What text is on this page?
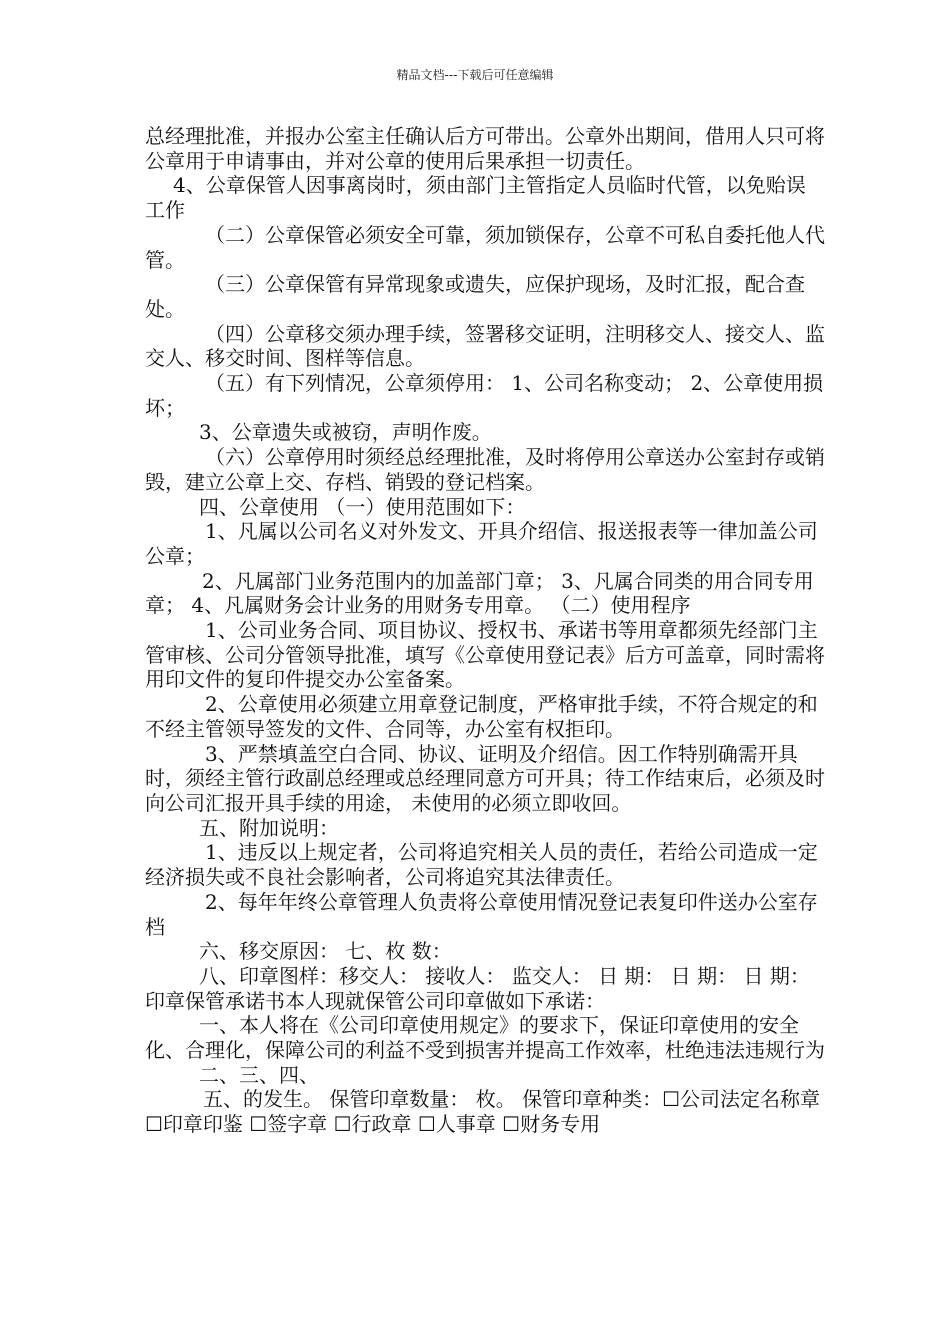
精品文档---下载后可任意编辑

总经理批准，并报办公室主任确认后方可带出。公章外出期间，借用人只可将公章用于申请事由，并对公章的使用后果承担一切责任。

4、公章保管人因事离岗时，须由部门主管指定人员临时代管，以免贻误工作

（二）公章保管必须安全可靠，须加锁保存，公章不可私自委托他人代管。

（三）公章保管有异常现象或遗失，应保护现场，及时汇报，配合查处。

（四）公章移交须办理手续，签署移交证明，注明移交人、接交人、监交人、移交时间、图样等信息。

（五）有下列情况，公章须停用： 1、公司名称变动； 2、公章使用损坏；

3、公章遗失或被窃，声明作废。

（六）公章停用时须经总经理批准，及时将停用公章送办公室封存或销毁，建立公章上交、存档、销毁的登记档案。

四、公章使用 （一）使用范围如下：

1、凡属以公司名义对外发文、开具介绍信、报送报表等一律加盖公司公章；

2、凡属部门业务范围内的加盖部门章； 3、凡属合同类的用合同专用章； 4、凡属财务会计业务的用财务专用章。 （二）使用程序

1、公司业务合同、项目协议、授权书、承诺书等用章都须先经部门主管审核、公司分管领导批准，填写《公章使用登记表》后方可盖章，同时需将用印文件的复印件提交办公室备案。

2、公章使用必须建立用章登记制度，严格审批手续，不符合规定的和不经主管领导签发的文件、合同等，办公室有权拒印。

3、严禁填盖空白合同、协议、证明及介绍信。因工作特别确需开具时，须经主管行政副总经理或总经理同意方可开具；待工作结束后，必须及时向公司汇报开具手续的用途， 未使用的必须立即收回。

五、附加说明：

1、违反以上规定者，公司将追究相关人员的责任，若给公司造成一定经济损失或不良社会影响者，公司将追究其法律责任。

2、每年年终公章管理人负责将公章使用情况登记表复印件送办公室存档

六、移交原因： 七、枚 数：

八、印章图样：移交人： 接收人： 监交人： 日 期： 日 期： 日 期：印章保管承诺书本人现就保管公司印章做如下承诺：

一、本人将在《公司印章使用规定》的要求下，保证印章使用的安全化、合理化，保障公司的利益不受到损害并提高工作效率，杜绝违法违规行为

二、三、四、

五、的发生。 保管印章数量： 枚。 保管印章种类：☐公司法定名称章 ☐印章印鉴 ☐签字章 ☐行政章 ☐人事章 ☐财务专用
